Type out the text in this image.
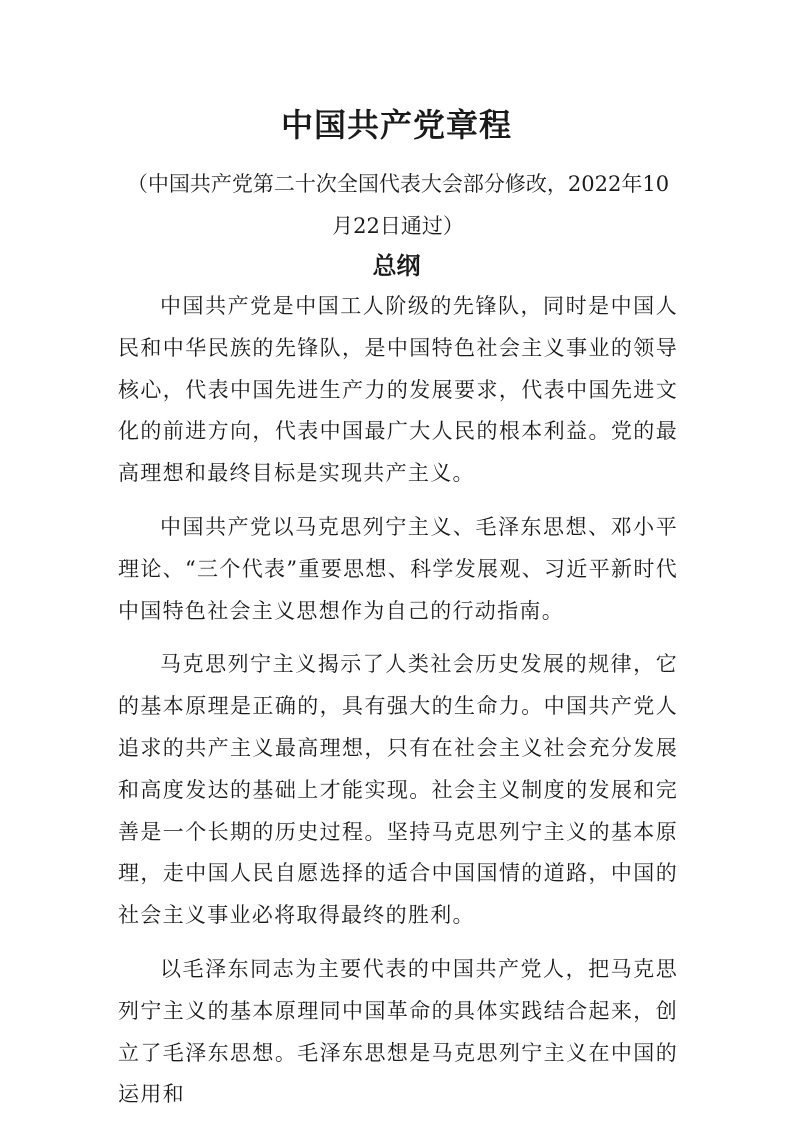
中国共产党章程

（中国共产党第二十次全国代表大会部分修改，2022年10月22日通过）

总纲

中国共产党是中国工人阶级的先锋队，同时是中国人民和中华民族的先锋队，是中国特色社会主义事业的领导核心，代表中国先进生产力的发展要求，代表中国先进文化的前进方向，代表中国最广大人民的根本利益。党的最高理想和最终目标是实现共产主义。

中国共产党以马克思列宁主义、毛泽东思想、邓小平理论、“三个代表”重要思想、科学发展观、习近平新时代中国特色社会主义思想作为自己的行动指南。

马克思列宁主义揭示了人类社会历史发展的规律，它的基本原理是正确的，具有强大的生命力。中国共产党人追求的共产主义最高理想，只有在社会主义社会充分发展和高度发达的基础上才能实现。社会主义制度的发展和完善是一个长期的历史过程。坚持马克思列宁主义的基本原理，走中国人民自愿选择的适合中国国情的道路，中国的社会主义事业必将取得最终的胜利。

以毛泽东同志为主要代表的中国共产党人，把马克思列宁主义的基本原理同中国革命的具体实践结合起来，创立了毛泽东思想。毛泽东思想是马克思列宁主义在中国的运用和
